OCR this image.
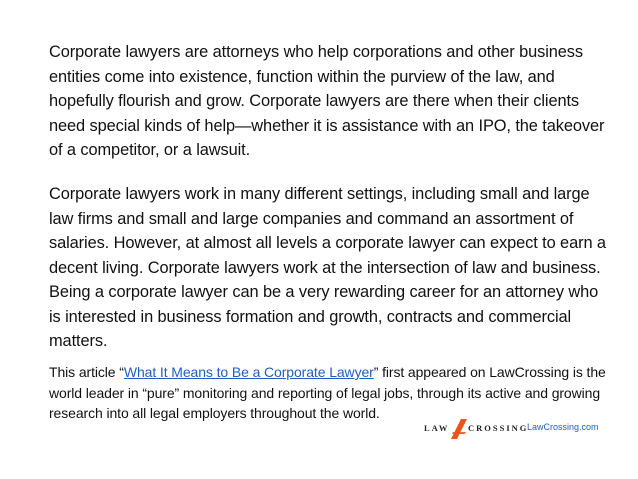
Corporate lawyers are attorneys who help corporations and other business entities come into existence, function within the purview of the law, and hopefully flourish and grow. Corporate lawyers are there when their clients need special kinds of help—whether it is assistance with an IPO, the takeover of a competitor, or a lawsuit.

Corporate lawyers work in many different settings, including small and large law firms and small and large companies and command an assortment of salaries. However, at almost all levels a corporate lawyer can expect to earn a decent living. Corporate lawyers work at the intersection of law and business. Being a corporate lawyer can be a very rewarding career for an attorney who is interested in business formation and growth, contracts and commercial matters.

This article “What It Means to Be a Corporate Lawyer” first appeared on LawCrossing is the world leader in “pure” monitoring and reporting of legal jobs, through its active and growing research into all legal employers throughout the world.

LAW CROSSING
LawCrossing.com
